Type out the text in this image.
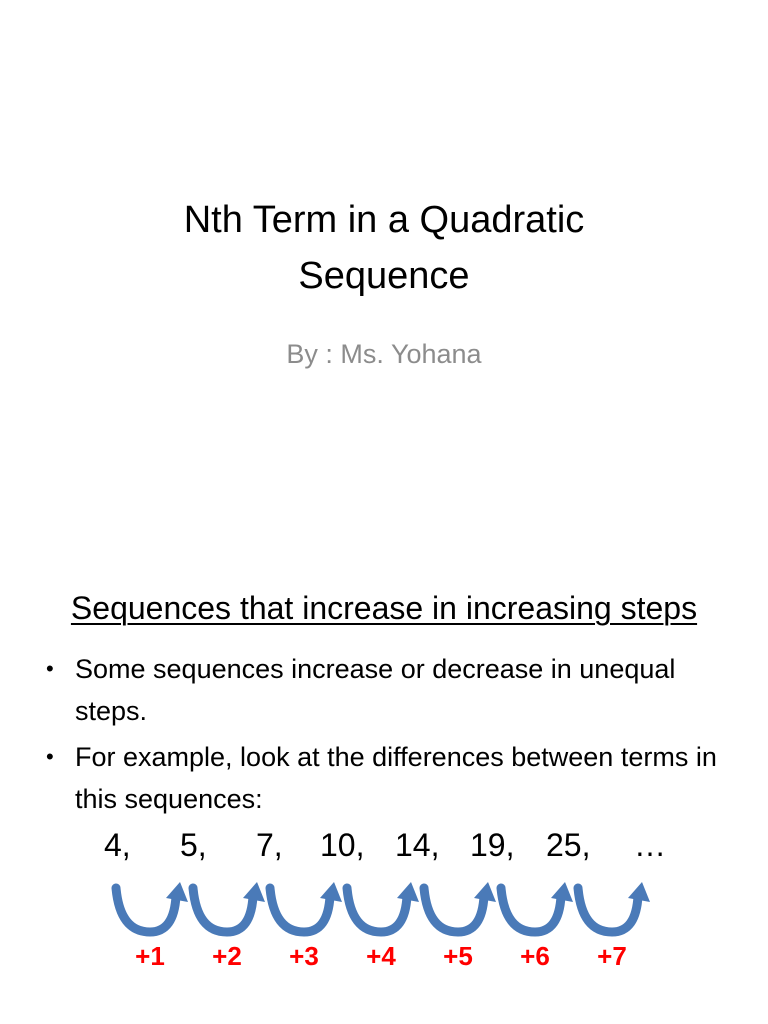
Nth Term in a Quadratic
Sequence
By : Ms. Yohana
Sequences that increase in increasing steps
• Some sequences increase or decrease in unequal steps.
• For example, look at the differences between terms in this sequences:
4, 5, 7, 10, 14, 19, 25, …
+1	+2	+3	+4	+5	+6	+7
